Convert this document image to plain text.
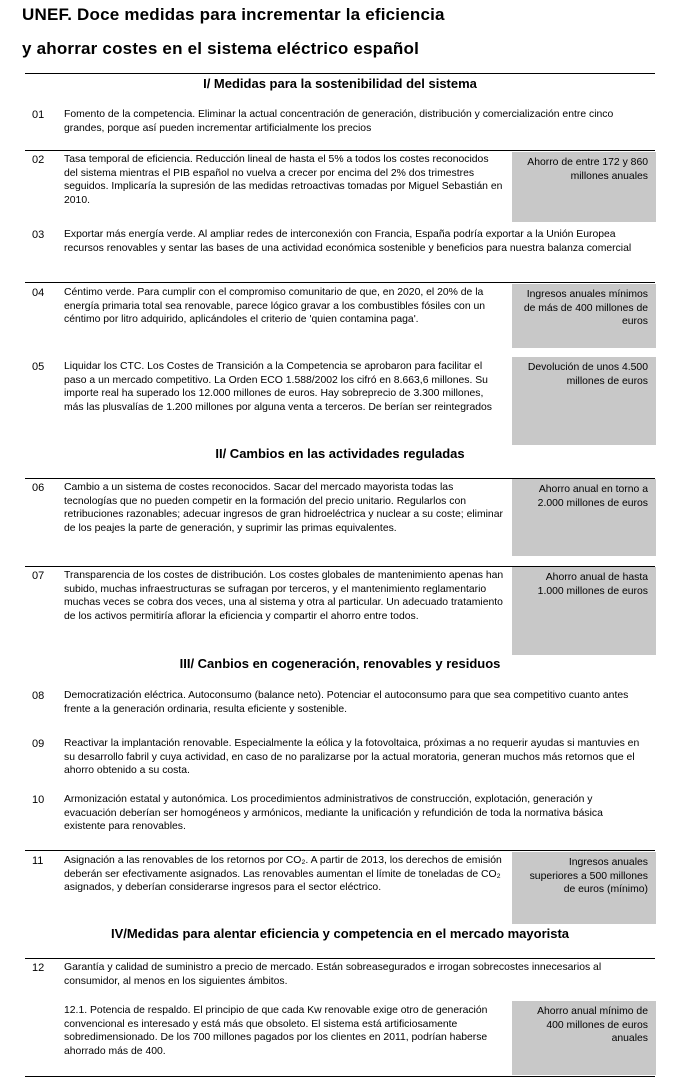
UNEF. Doce medidas para incrementar la eficiencia
y ahorrar costes en el sistema eléctrico español
I/ Medidas para la sostenibilidad del sistema
01 Fomento de la competencia. Eliminar la actual concentración de generación, distribución y comercialización entre cinco grandes, porque así pueden incrementar artificialmente los precios
02 Tasa temporal de eficiencia. Reducción lineal de hasta el 5% a todos los costes reconocidos del sistema mientras el PIB español no vuelva a crecer por encima del 2% dos trimestres seguidos. Implicaría la supresión de las medidas retroactivas tomadas por Miguel Sebastián en 2010.
Ahorro de entre 172 y 860 millones anuales
03 Exportar más energía verde. Al ampliar redes de interconexión con Francia, España podría exportar a la Unión Europea recursos renovables y sentar las bases de una actividad económica sostenible y beneficios para nuestra balanza comercial
04 Céntimo verde. Para cumplir con el compromiso comunitario de que, en 2020, el 20% de la energía primaria total sea renovable, parece lógico gravar a los combustibles fósiles con un céntimo por litro adquirido, aplicándoles el criterio de 'quien contamina paga'.
Ingresos anuales mínimos de más de 400 millones de euros
05 Liquidar los CTC. Los Costes de Transición a la Competencia se aprobaron para facilitar el paso a un mercado competitivo. La Orden ECO 1.588/2002 los cifró en 8.663,6 millones. Su importe real ha superado los 12.000 millones de euros. Hay sobreprecio de 3.300 millones, más las plusvalías de 1.200 millones por alguna venta a terceros. De berían ser reintegrados
Devolución de unos 4.500 millones de euros
II/ Cambios en las actividades reguladas
06 Cambio a un sistema de costes reconocidos. Sacar del mercado mayorista todas las tecnologías que no pueden competir en la formación del precio unitario. Regularlos con retribuciones razonables; adecuar ingresos de gran hidroeléctrica y nuclear a su coste; eliminar de los peajes la parte de generación, y suprimir las primas equivalentes.
Ahorro anual en torno a 2.000 millones de euros
07 Transparencia de los costes de distribución. Los costes globales de mantenimiento apenas han subido, muchas infraestructuras se sufragan por terceros, y el mantenimiento reglamentario muchas veces se cobra dos veces, una al sistema y otra al particular. Un adecuado tratamiento de los activos permitiría aflorar la eficiencia y compartir el ahorro entre todos.
Ahorro anual de hasta 1.000 millones de euros
III/ Canbios en cogeneración, renovables y residuos
08 Democratización eléctrica. Autoconsumo (balance neto). Potenciar el autoconsumo para que sea competitivo cuanto antes frente a la generación ordinaria, resulta eficiente y sostenible.
09 Reactivar la implantación renovable. Especialmente la eólica y la fotovoltaica, próximas a no requerir ayudas si mantuvies en su desarrollo fabril y cuya actividad, en caso de no paralizarse por la actual moratoria, generan muchos más retornos que el ahorro obtenido a su costa.
10 Armonización estatal y autonómica. Los procedimientos administrativos de construcción, explotación, generación y evacuación deberían ser homogéneos y armónicos, mediante la unificación y refundición de toda la normativa básica existente para renovables.
11 Asignación a las renovables de los retornos por CO₂. A partir de 2013, los derechos de emisión deberán ser efectivamente asignados. Las renovables aumentan el límite de toneladas de CO₂ asignados, y deberían considerarse ingresos para el sector eléctrico.
Ingresos anuales superiores a 500 millones de euros (mínimo)
IV/Medidas para alentar eficiencia y competencia en el mercado mayorista
12 Garantía y calidad de suministro a precio de mercado. Están sobreasegurados e irrogan sobrecostes innecesarios al consumidor, al menos en los siguientes ámbitos.
12.1. Potencia de respaldo. El principio de que cada Kw renovable exige otro de generación convencional es interesado y está más que obsoleto. El sistema está artificiosamente sobredimensionado. De los 700 millones pagados por los clientes en 2011, podrían haberse ahorrado más de 400.
Ahorro anual mínimo de 400 millones de euros anuales
